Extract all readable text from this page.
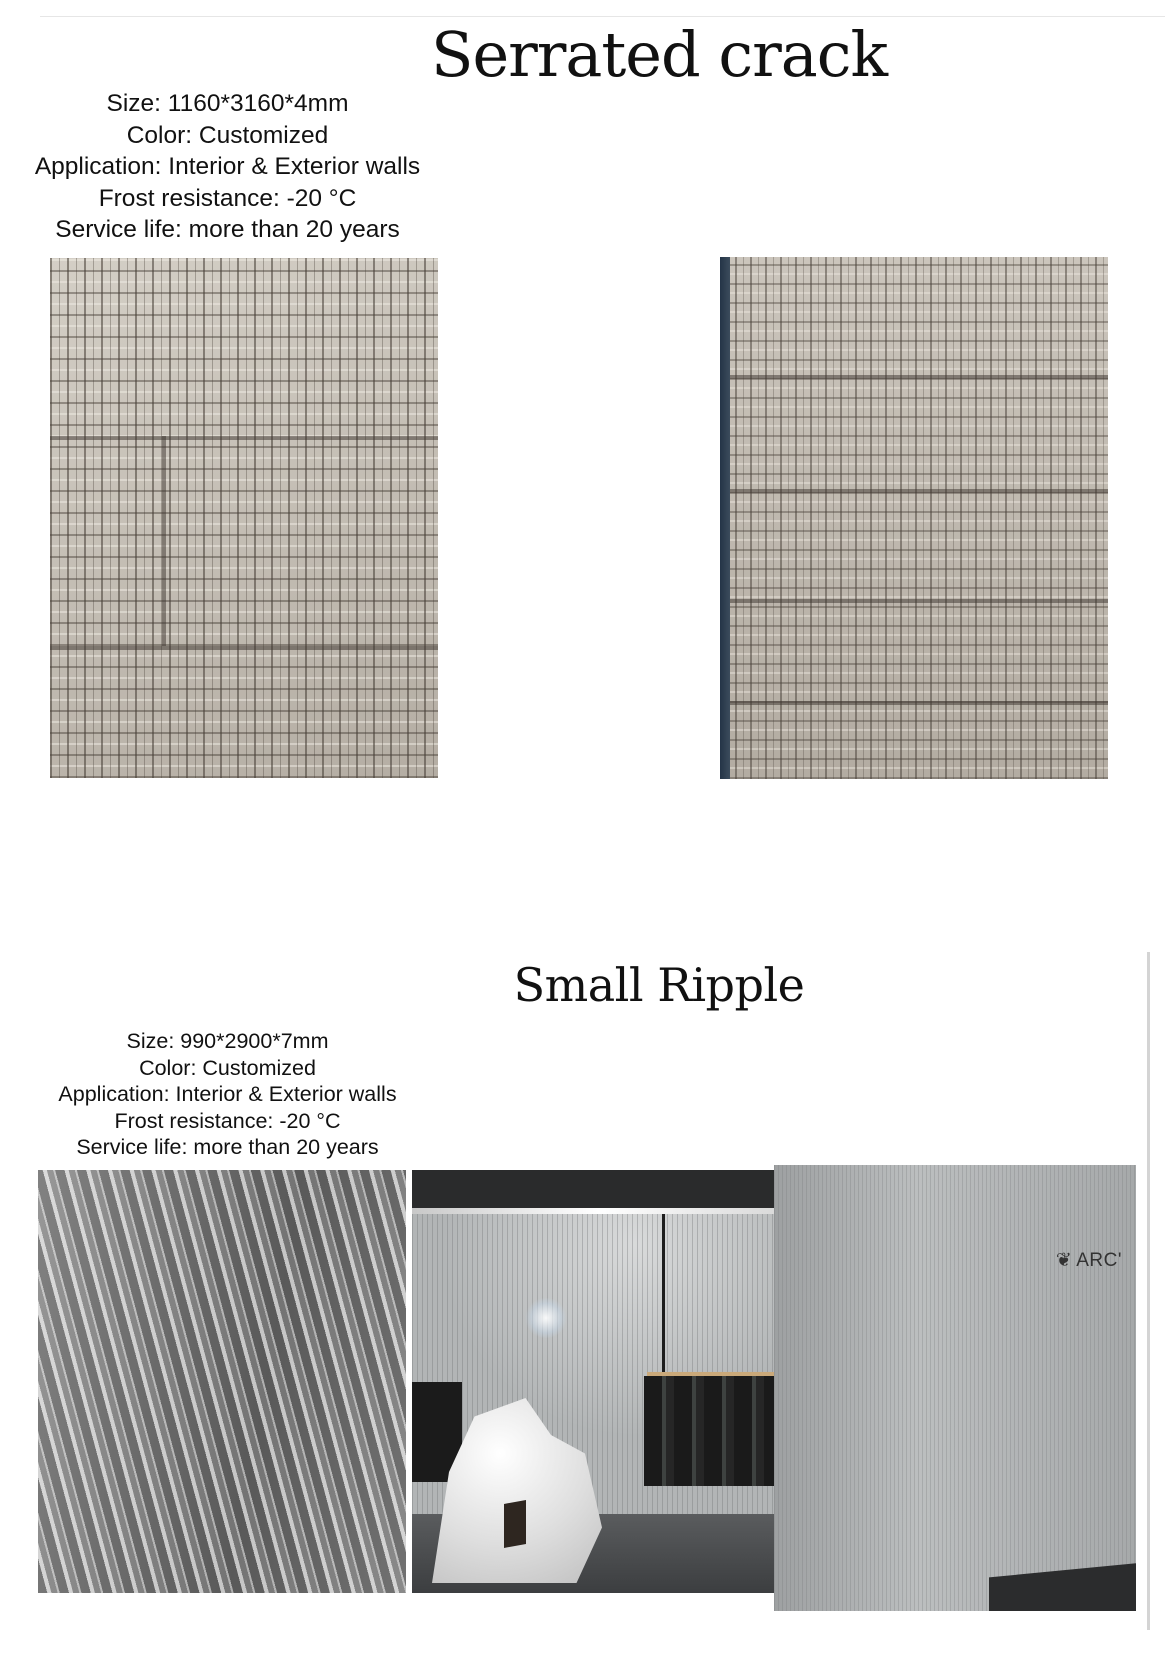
Serrated crack
Size: 1160*3160*4mm
Color: Customized
Application: Interior & Exterior walls
Frost resistance: -20 °C
Service life: more than 20 years
Small Ripple
Size: 990*2900*7mm
Color: Customized
Application: Interior & Exterior walls
Frost resistance: -20 °C
Service life: more than 20 years
❦ ARC'
